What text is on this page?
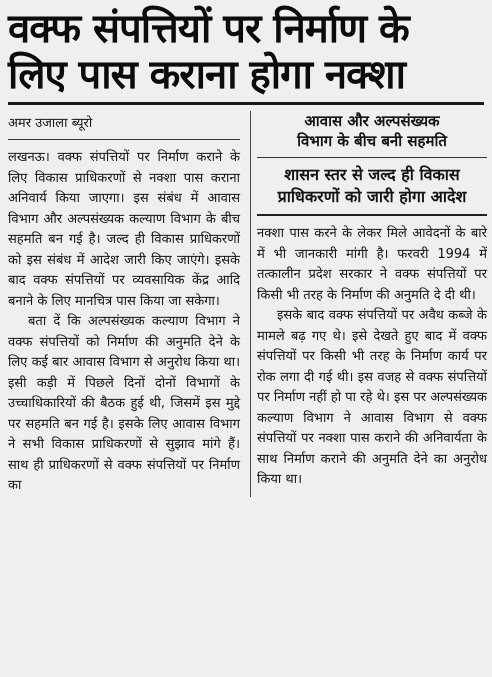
वक्फ संपत्तियों पर निर्माण के
लिए पास कराना होगा नक्शा

अमर उजाला ब्यूरो

लखनऊ। वक्फ संपत्तियों पर निर्माण कराने के लिए विकास प्राधिकरणों से नक्शा पास कराना अनिवार्य किया जाएगा। इस संबंध में आवास विभाग और अल्पसंख्यक कल्याण विभाग के बीच सहमति बन गई है। जल्द ही विकास प्राधिकरणों को इस संबंध में आदेश जारी किए जाएंगे। इसके बाद वक्फ संपत्तियों पर व्यवसायिक केंद्र आदि बनाने के लिए मानचित्र पास किया जा सकेगा।

बता दें कि अल्पसंख्यक कल्याण विभाग ने वक्फ संपत्तियों को निर्माण की अनुमति देने के लिए कई बार आवास विभाग से अनुरोध किया था। इसी कड़ी में पिछले दिनों दोनों विभागों के उच्चाधिकारियों की बैठक हुई थी, जिसमें इस मुद्दे पर सहमति बन गई है। इसके लिए आवास विभाग ने सभी विकास प्राधिकरणों से सुझाव मांगे हैं। साथ ही प्राधिकरणों से वक्फ संपत्तियों पर निर्माण का

आवास और अल्पसंख्यक

विभाग के बीच बनी सहमति

शासन स्तर से जल्द ही विकास

प्राधिकरणों को जारी होगा आदेश

नक्शा पास करने के लेकर मिले आवेदनों के बारे में भी जानकारी मांगी है। फरवरी 1994 में तत्कालीन प्रदेश सरकार ने वक्फ संपत्तियों पर किसी भी तरह के निर्माण की अनुमति दे दी थी।

इसके बाद वक्फ संपत्तियों पर अवैध कब्जे के मामले बढ़ गए थे। इसे देखते हुए बाद में वक्फ संपत्तियों पर किसी भी तरह के निर्माण कार्य पर रोक लगा दी गई थी। इस वजह से वक्फ संपत्तियों पर निर्माण नहीं हो पा रहे थे। इस पर अल्पसंख्यक कल्याण विभाग ने आवास विभाग से वक्फ संपत्तियों पर नक्शा पास कराने की अनिवार्यता के साथ निर्माण कराने की अनुमति देने का अनुरोध किया था।
